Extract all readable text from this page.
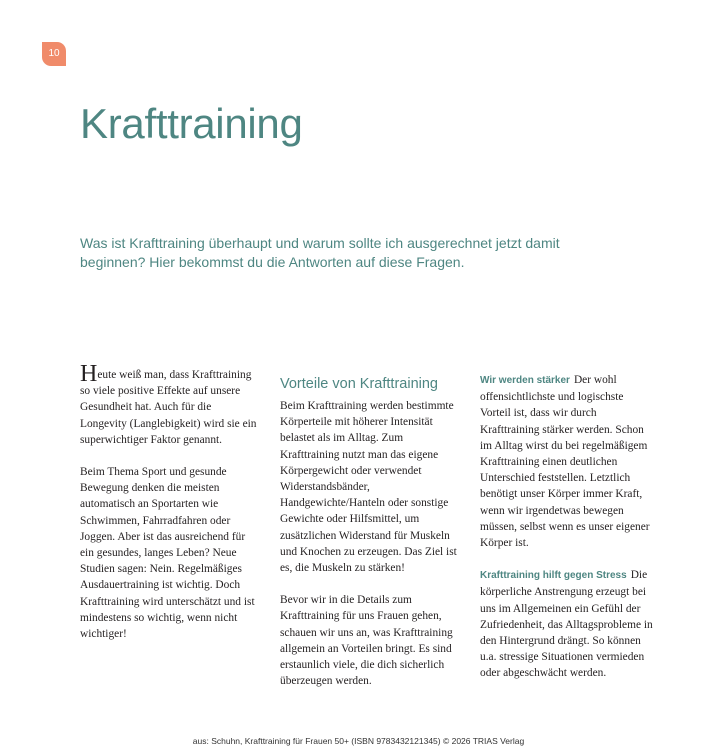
10
Krafttraining

Was ist Krafttraining überhaupt und warum sollte ich ausgerechnet jetzt damit beginnen? Hier bekommst du die Antworten auf diese Fragen.

Heute weiß man, dass Krafttraining so viele positive Effekte auf unsere Gesundheit hat. Auch für die Longevity (Langlebigkeit) wird sie ein superwichtiger Faktor genannt.

Beim Thema Sport und gesunde Bewegung denken die meisten automatisch an Sportarten wie Schwimmen, Fahrradfahren oder Joggen. Aber ist das ausreichend für ein gesundes, langes Leben? Neue Studien sagen: Nein. Regelmäßiges Ausdauertraining ist wichtig. Doch Krafttraining wird unterschätzt und ist mindestens so wichtig, wenn nicht wichtiger!

Vorteile von Krafttraining

Beim Krafttraining werden bestimmte Körperteile mit höherer Intensität belastet als im Alltag. Zum Krafttraining nutzt man das eigene Körpergewicht oder verwendet Widerstandsbänder, Handgewichte/Hanteln oder sonstige Gewichte oder Hilfsmittel, um zusätzlichen Widerstand für Muskeln und Knochen zu erzeugen. Das Ziel ist es, die Muskeln zu stärken!

Bevor wir in die Details zum Krafttraining für uns Frauen gehen, schauen wir uns an, was Krafttraining allgemein an Vorteilen bringt. Es sind erstaunlich viele, die dich sicherlich überzeugen werden.

Wir werden stärker Der wohl offensichtlichste und logischste Vorteil ist, dass wir durch Krafttraining stärker werden. Schon im Alltag wirst du bei regelmäßigem Krafttraining einen deutlichen Unterschied feststellen. Letztlich benötigt unser Körper immer Kraft, wenn wir irgendetwas bewegen müssen, selbst wenn es unser eigener Körper ist.

Krafttraining hilft gegen Stress Die körperliche Anstrengung erzeugt bei uns im Allgemeinen ein Gefühl der Zufriedenheit, das Alltagsprobleme in den Hintergrund drängt. So können u.a. stressige Situationen vermieden oder abgeschwächt werden.

aus: Schuhn, Krafttraining für Frauen 50+ (ISBN 9783432121345) © 2026 TRIAS Verlag
